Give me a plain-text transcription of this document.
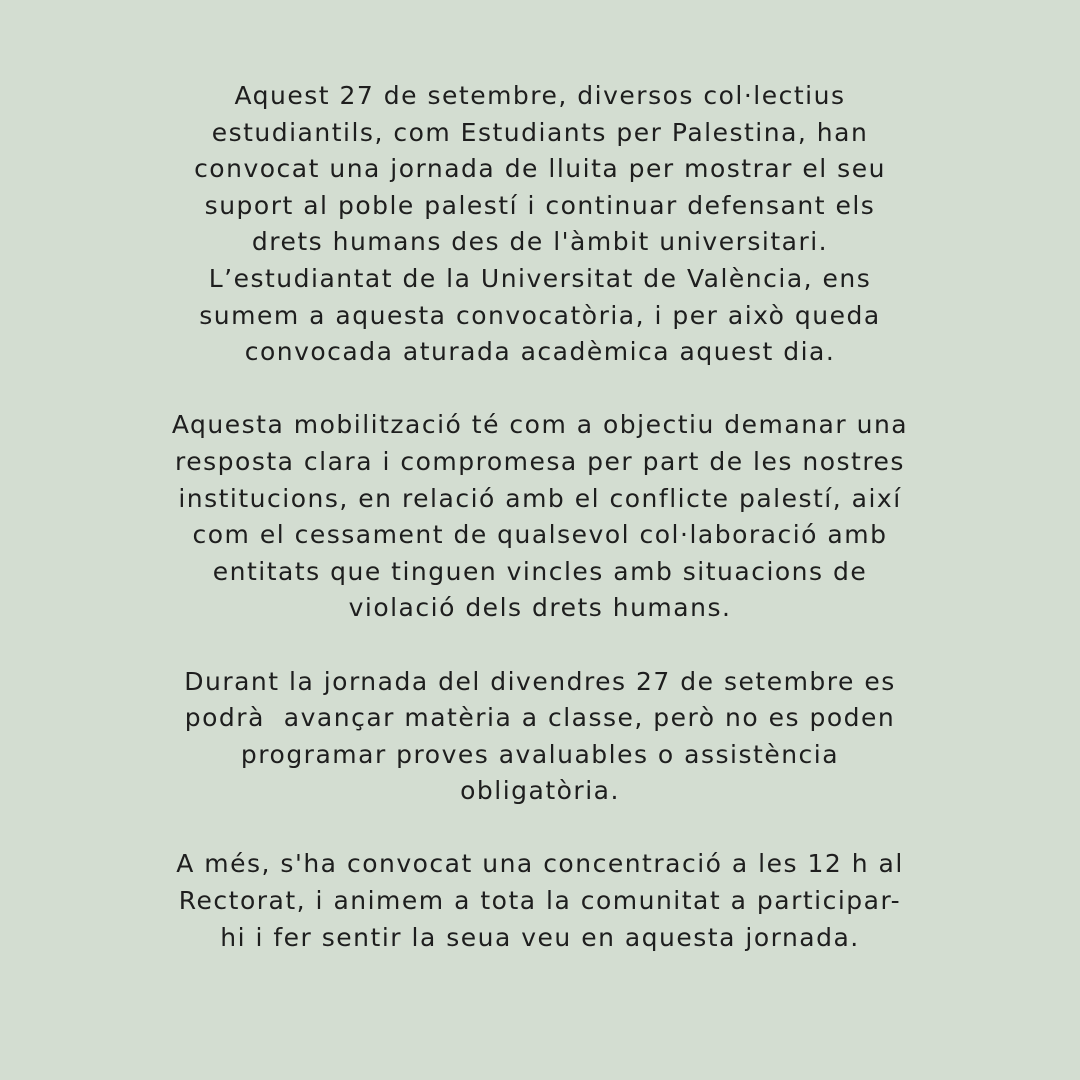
Aquest 27 de setembre, diversos col·lectius
estudiantils, com Estudiants per Palestina, han
convocat una jornada de lluita per mostrar el seu
suport al poble palestí i continuar defensant els
drets humans des de l'àmbit universitari.
L’estudiantat de la Universitat de València, ens
sumem a aquesta convocatòria, i per això queda
convocada aturada acadèmica aquest dia.

Aquesta mobilització té com a objectiu demanar una
resposta clara i compromesa per part de les nostres
institucions, en relació amb el conflicte palestí, així
com el cessament de qualsevol col·laboració amb
entitats que tinguen vincles amb situacions de
violació dels drets humans.

Durant la jornada del divendres 27 de setembre es
podrà  avançar matèria a classe, però no es poden
programar proves avaluables o assistència
obligatòria.

A més, s'ha convocat una concentració a les 12 h al
Rectorat, i animem a tota la comunitat a participar-
hi i fer sentir la seua veu en aquesta jornada.
